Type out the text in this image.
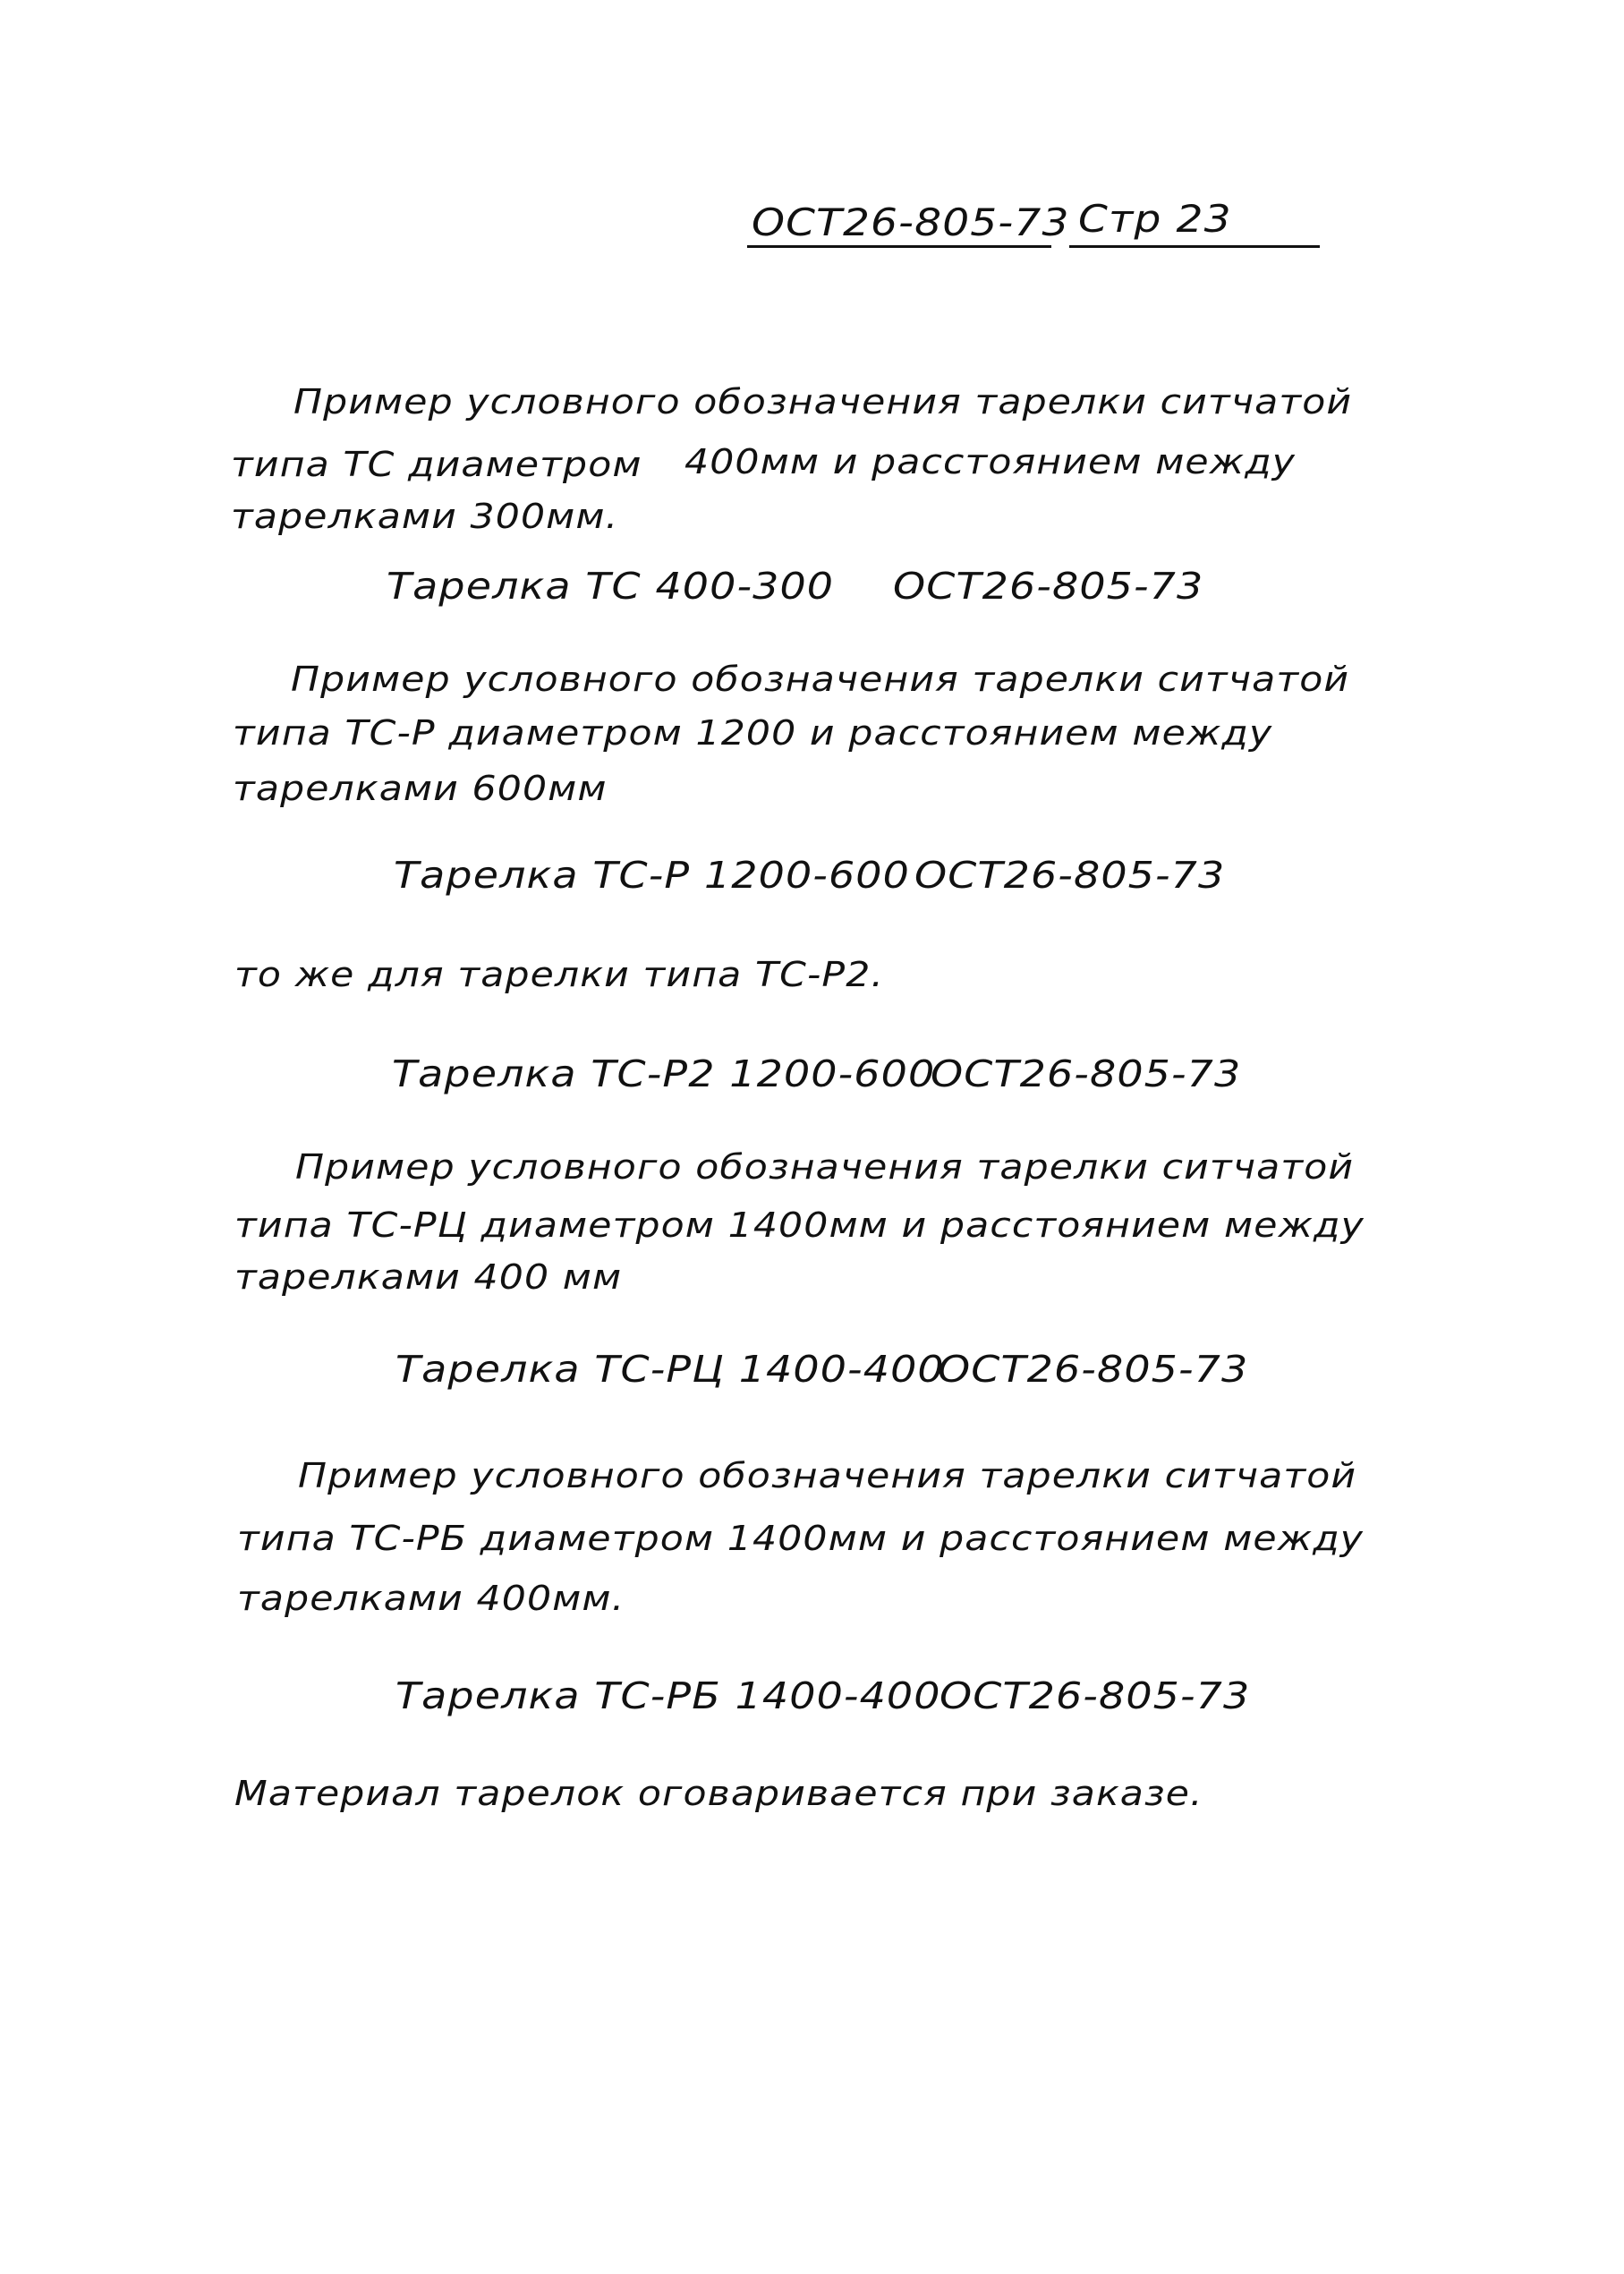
ОСТ26-805-73 Стр 23
Пример условного обозначения тарелки ситчатой
типа ТС диаметром 400мм и расстоянием между
тарелками 300мм.
Тарелка ТС 400-300 ОСТ26-805-73
Пример условного обозначения тарелки ситчатой
типа ТС-Р диаметром 1200 и расстоянием между
тарелками 600мм
Тарелка ТС-Р 1200-600 ОСТ26-805-73
то же для тарелки типа ТС-Р2.
Тарелка ТС-Р2 1200-600
ОСТ26-805-73
Пример условного обозначения тарелки ситчатой
типа ТС-РЦ диаметром 1400мм и расстоянием между
тарелками 400 мм
Тарелка ТС-РЦ 1400-400
ОСТ26-805-73
Пример условного обозначения тарелки ситчатой
типа ТС-РБ диаметром 1400мм и расстоянием между
тарелками 400мм.
Тарелка ТС-РБ 1400-400
ОСТ26-805-73
Материал тарелок оговаривается при заказе.
